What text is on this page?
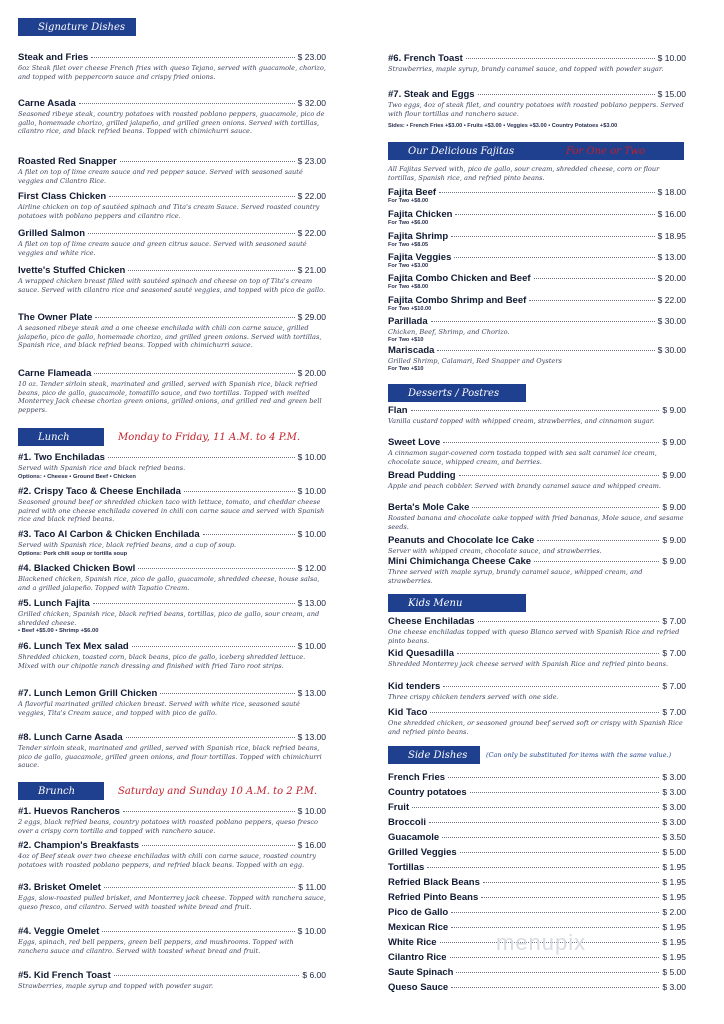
Signature Dishes
Steak and Fries	$ 23.00
6oz Steak filet over cheese French fries with queso Tejano, served with guacamole, chorizo, and topped with peppercorn sauce and crispy fried onions.
Carne Asada	$ 32.00
Seasoned ribeye steak, country potatoes with roasted poblano peppers, guacamole, pico de gallo, homemade chorizo, grilled jalapeño, and grilled green onions. Served with tortillas, cilantro rice, and black refried beans. Topped with chimichurri sauce.
Roasted Red Snapper	$ 23.00
A filet on top of lime cream sauce and red pepper sauce. Served with seasoned sauté veggies and Cilantro Rice.
First Class Chicken	$ 22.00
Airline chicken on top of sautéed spinach and Tita's cream Sauce. Served roasted country potatoes with poblano peppers and cilantro rice.
Grilled Salmon	$ 22.00
A filet on top of lime cream sauce and green citrus sauce. Served with seasoned sauté veggies and white rice.
Ivette's Stuffed Chicken	$ 21.00
A wrapped chicken breast filled with sautéed spinach and cheese on top of Tita's cream sauce. Served with cilantro rice and seasoned sauté veggies, and topped with pico de gallo.
The Owner Plate	$ 29.00
A seasoned ribeye steak and a one cheese enchilada with chili con carne sauce, grilled jalapeño, pico de gallo, homemade chorizo, and grilled green onions. Served with tortillas, Spanish rice, and black refried beans. Topped with chimichurri sauce.
Carne Flameada	$ 20.00
10 oz. Tender sirloin steak, marinated and grilled, served with Spanish rice, black refried beans, pico de gallo, guacamole, tomatillo sauce, and two tortillas. Topped with melted Monterrey Jack cheese chorizo green onions, grilled onions, and grilled red and green bell peppers.
Lunch	Monday to Friday, 11 A.M. to 4 P.M.
#1. Two Enchiladas	$ 10.00
Served with Spanish rice and black refried beans.
Options: • Cheese • Ground Beef • Chicken
#2. Crispy Taco & Cheese Enchilada	$ 10.00
Seasoned ground beef or shredded chicken taco with lettuce, tomato, and cheddar cheese paired with one cheese enchilada covered in chili con carne sauce and served with Spanish rice and black refried beans.
#3. Taco Al Carbon & Chicken Enchilada	$ 10.00
Served with Spanish rice, black refried beans, and a cup of soup.
Options: Pork chili soup or tortilla soup
#4. Blacked Chicken Bowl	$ 12.00
Blackened chicken, Spanish rice, pico de gallo, guacamole, shredded cheese, house salsa, and a grilled jalapeño. Topped with Tapatio Cream.
#5. Lunch Fajita	$ 13.00
Grilled chicken, Spanish rice, black refried beans, tortillas, pico de gallo, sour cream, and shredded cheese.
• Beef +$5.00 • Shrimp +$6.00
#6. Lunch Tex Mex salad	$ 10.00
Shredded chicken, toasted corn, black beans, pico de gallo, iceberg shredded lettuce. Mixed with our chipotle ranch dressing and finished with fried Taro root strips.
#7. Lunch Lemon Grill Chicken	$ 13.00
A flavorful marinated grilled chicken breast. Served with white rice, seasoned sauté veggies, Tita's Cream sauce, and topped with pico de gallo.
#8. Lunch Carne Asada	$ 13.00
Tender sirloin steak, marinated and grilled, served with Spanish rice, black refried beans, pico de gallo, guacamole, grilled green onions, and flour tortillas. Topped with chimichurri sauce.
Brunch	Saturday and Sunday 10 A.M. to 2 P.M.
#1. Huevos Rancheros	$ 10.00
2 eggs, black refried beans, country potatoes with roasted poblano peppers, queso fresco over a crispy corn tortilla and topped with ranchero sauce.
#2. Champion's Breakfasts	$ 16.00
4oz of Beef steak over two cheese enchiladas with chili con carne sauce, roasted country potatoes with roasted poblano peppers, and refried black beans. Topped with an egg.
#3. Brisket Omelet	$ 11.00
Eggs, slow-roasted pulled brisket, and Monterrey jack cheese. Topped with ranchera sauce, queso fresco, and cilantro. Served with toasted white bread and fruit.
#4. Veggie Omelet	$ 10.00
Eggs, spinach, red bell peppers, green bell peppers, and mushrooms. Topped with ranchera sauce and cilantro. Served with toasted wheat bread and fruit.
#5. Kid French Toast	$ 6.00
Strawberries, maple syrup and topped with powder sugar.
#6. French Toast	$ 10.00
Strawberries, maple syrup, brandy caramel sauce, and topped with powder sugar.
#7. Steak and Eggs	$ 15.00
Two eggs, 4oz of steak filet, and country potatoes with roasted poblano peppers. Served with flour tortillas and ranchero sauce.
Sides: • French Fries +$3.00 • Fruits +$3.00 • Veggies +$3.00 • Country Potatoes +$3.00
Our Delicious Fajitas	For One or Two
All Fajitas Served with, pico de gallo, sour cream, shredded cheese, corn or flour tortillas, Spanish rice, and refried pinto beans.
Fajita Beef	$ 18.00
For Two +$8.00
Fajita Chicken	$ 16.00
For Two +$6.00
Fajita Shrimp	$ 18.95
For Two +$8.05
Fajita Veggies	$ 13.00
For Two +$3.00
Fajita Combo Chicken and Beef	$ 20.00
For Two +$8.00
Fajita Combo Shrimp and Beef	$ 22.00
For Two +$10.00
Parillada	$ 30.00
Chicken, Beef, Shrimp, and Chorizo.
For Two +$10
Mariscada	$ 30.00
Grilled Shrimp, Calamari, Red Snapper and Oysters
For Two +$10
Desserts / Postres
Flan	$ 9.00
Vanilla custard topped with whipped cream, strawberries, and cinnamon sugar.
Sweet Love	$ 9.00
A cinnamon sugar-covered corn tostada topped with sea salt caramel ice cream, chocolate sauce, whipped cream, and berries.
Bread Pudding	$ 9.00
Apple and peach cobbler. Served with brandy caramel sauce and whipped cream.
Berta's Mole Cake	$ 9.00
Roasted banana and chocolate cake topped with fried bananas, Mole sauce, and sesame seeds.
Peanuts and Chocolate Ice Cake	$ 9.00
Server with whipped cream, chocolate sauce, and strawberries.
Mini Chimichanga Cheese Cake	$ 9.00
Three served with maple syrup, brandy caramel sauce, whipped cream, and strawberries.
Kids Menu
Cheese Enchiladas	$ 7.00
One cheese enchiladas topped with queso Blanco served with Spanish Rice and refried pinto beans.
Kid Quesadilla	$ 7.00
Shredded Monterrey jack cheese served with Spanish Rice and refried pinto beans.
Kid tenders	$ 7.00
Three crispy chicken tenders served with one side.
Kid Taco	$ 7.00
One shredded chicken, or seasoned ground beef served soft or crispy with Spanish Rice and refried pinto beans.
Side Dishes	(Can only be substituted for items with the same value.)
French Fries	$ 3.00
Country potatoes	$ 3.00
Fruit	$ 3.00
Broccoli	$ 3.00
Guacamole	$ 3.50
Grilled Veggies	$ 5.00
Tortillas	$ 1.95
Refried Black Beans	$ 1.95
Refried Pinto Beans	$ 1.95
Pico de Gallo	$ 2.00
Mexican Rice	$ 1.95
White Rice	$ 1.95
Cilantro Rice	$ 1.95
Saute Spinach	$ 5.00
Queso Sauce	$ 3.00
menupix
